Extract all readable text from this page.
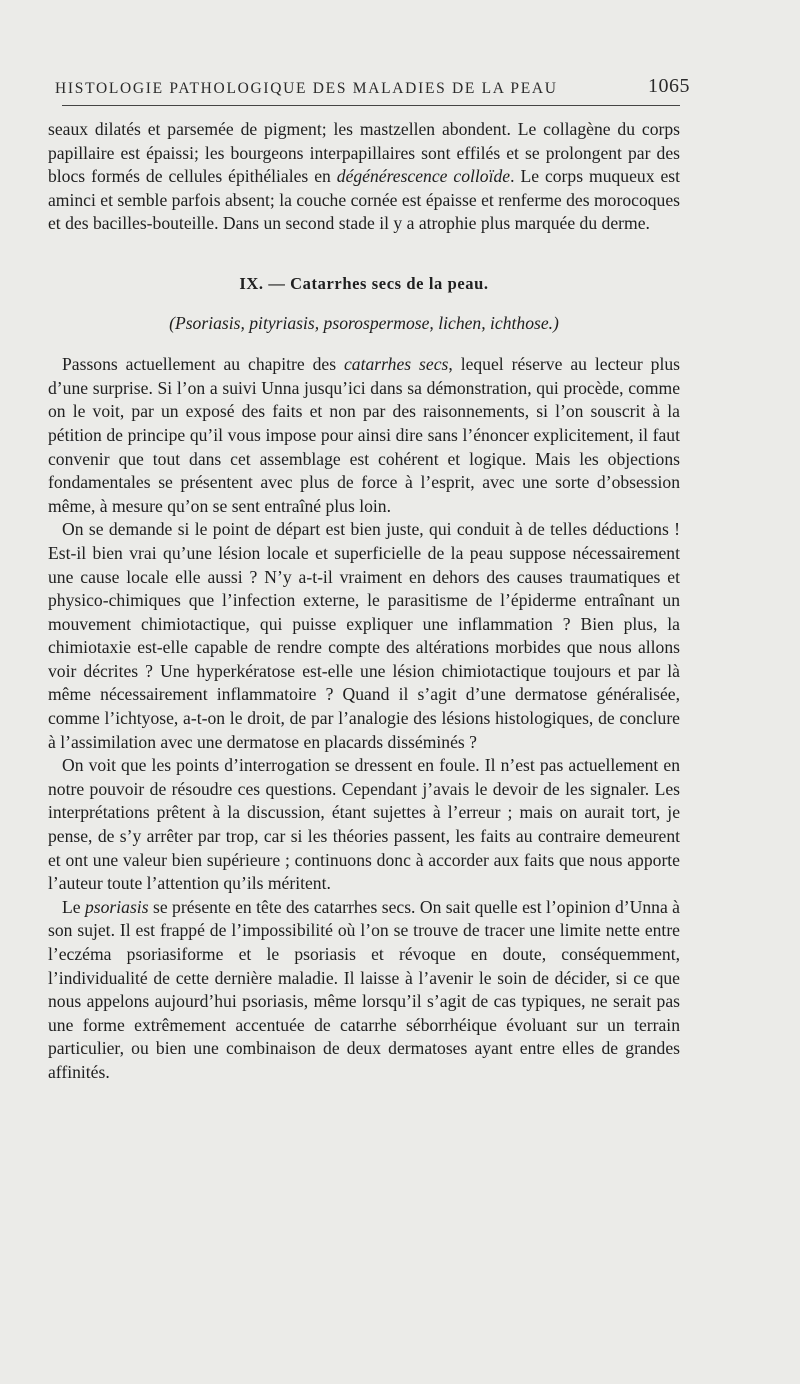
HISTOLOGIE PATHOLOGIQUE DES MALADIES DE LA PEAU	1065

seaux dilatés et parsemée de pigment; les mastzellen abondent. Le collagène du corps papillaire est épaissi; les bourgeons interpapillaires sont effilés et se prolongent par des blocs formés de cellules épithéliales en dégénérescence colloïde. Le corps muqueux est aminci et semble parfois absent; la couche cornée est épaisse et renferme des morocoques et des bacilles-bouteille. Dans un second stade il y a atrophie plus marquée du derme.

IX. — Catarrhes secs de la peau.

(Psoriasis, pityriasis, psorospermose, lichen, ichthose.)

Passons actuellement au chapitre des catarrhes secs, lequel réserve au lecteur plus d’une surprise. Si l’on a suivi Unna jusqu’ici dans sa démonstration, qui procède, comme on le voit, par un exposé des faits et non par des raisonnements, si l’on souscrit à la pétition de principe qu’il vous impose pour ainsi dire sans l’énoncer explicitement, il faut convenir que tout dans cet assemblage est cohérent et logique. Mais les objections fondamentales se présentent avec plus de force à l’esprit, avec une sorte d’obsession même, à mesure qu’on se sent entraîné plus loin.

On se demande si le point de départ est bien juste, qui conduit à de telles déductions ! Est-il bien vrai qu’une lésion locale et superficielle de la peau suppose nécessairement une cause locale elle aussi ? N’y a-t-il vraiment en dehors des causes traumatiques et physico-chimiques que l’infection externe, le parasitisme de l’épiderme entraînant un mouvement chimiotactique, qui puisse expliquer une inflammation ? Bien plus, la chimiotaxie est-elle capable de rendre compte des altérations morbides que nous allons voir décrites ? Une hyperkératose est-elle une lésion chimiotactique toujours et par là même nécessairement inflammatoire ? Quand il s’agit d’une dermatose généralisée, comme l’ichtyose, a-t-on le droit, de par l’analogie des lésions histologiques, de conclure à l’assimilation avec une dermatose en placards disséminés ?

On voit que les points d’interrogation se dressent en foule. Il n’est pas actuellement en notre pouvoir de résoudre ces questions. Cependant j’avais le devoir de les signaler. Les interprétations prêtent à la discussion, étant sujettes à l’erreur ; mais on aurait tort, je pense, de s’y arrêter par trop, car si les théories passent, les faits au contraire demeurent et ont une valeur bien supérieure ; continuons donc à accorder aux faits que nous apporte l’auteur toute l’attention qu’ils méritent.

Le psoriasis se présente en tête des catarrhes secs. On sait quelle est l’opinion d’Unna à son sujet. Il est frappé de l’impossibilité où l’on se trouve de tracer une limite nette entre l’eczéma psoriasiforme et le psoriasis et révoque en doute, conséquemment, l’individualité de cette dernière maladie. Il laisse à l’avenir le soin de décider, si ce que nous appelons aujourd’hui psoriasis, même lorsqu’il s’agit de cas typiques, ne serait pas une forme extrêmement accentuée de catarrhe séborrhéique évoluant sur un terrain particulier, ou bien une combinaison de deux dermatoses ayant entre elles de grandes affinités.
